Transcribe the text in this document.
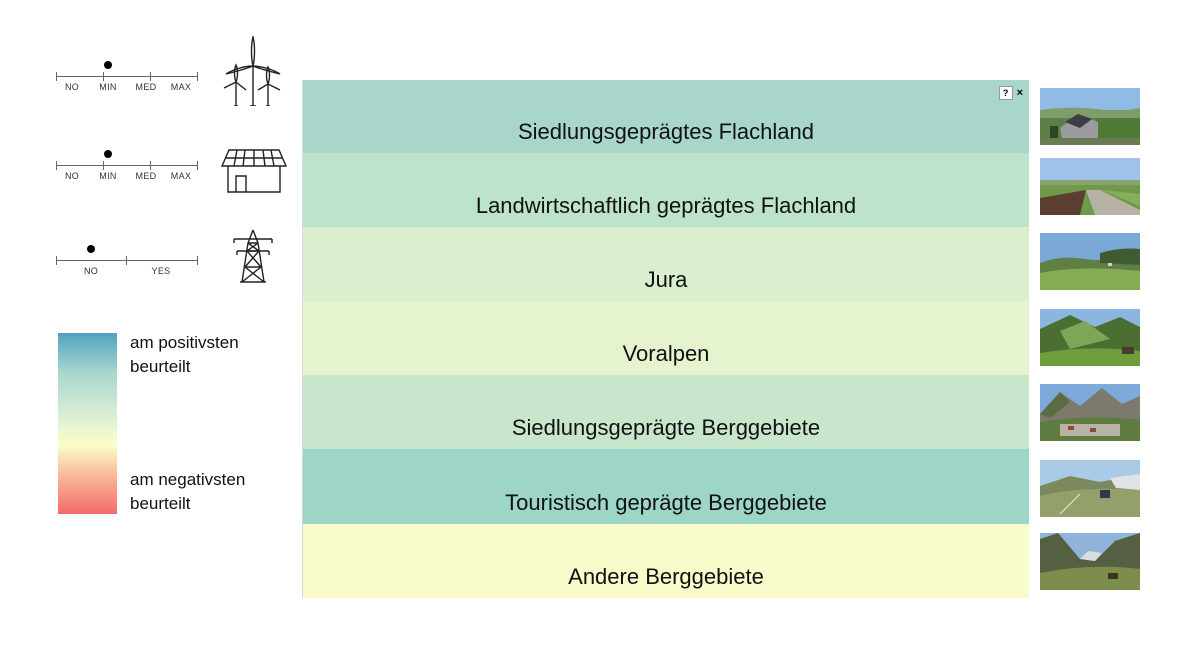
NO MIN MED MAX
NO MIN MED MAX
NO	YES
am positivsten
beurteilt
am negativsten
beurteilt
Siedlungsgeprägtes Flachland
Landwirtschaftlich geprägtes Flachland
Jura
Voralpen
Siedlungsgeprägte Berggebiete
Touristisch geprägte Berggebiete
Andere Berggebiete
? ×
